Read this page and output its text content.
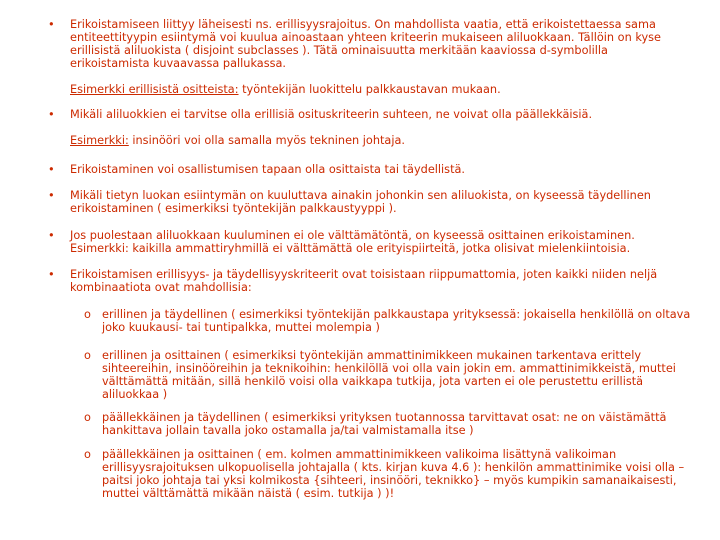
• Erikoistamiseen liittyy läheisesti ns. erillisyysrajoitus. On mahdollista vaatia, että erikoistettaessa sama entiteettityypin esiintymä voi kuulua ainoastaan yhteen kriteerin mukaiseen aliluokkaan. Tällöin on kyse erillisistä aliluokista ( disjoint subclasses ). Tätä ominaisuutta merkitään kaaviossa d-symbolilla erikoistamista kuvaavassa pallukassa.

Esimerkki erillisistä ositteista: työntekijän luokittelu palkkaustavan mukaan.

• Mikäli aliluokkien ei tarvitse olla erillisiä osituskriteerin suhteen, ne voivat olla päällekkäisiä.

Esimerkki: insinööri voi olla samalla myös tekninen johtaja.

• Erikoistaminen voi osallistumisen tapaan olla osittaista tai täydellistä.

• Mikäli tietyn luokan esiintymän on kuuluttava ainakin johonkin sen aliluokista, on kyseessä täydellinen erikoistaminen ( esimerkiksi työntekijän palkkaustyyppi ).

• Jos puolestaan aliluokkaan kuuluminen ei ole välttämätöntä, on kyseessä osittainen erikoistaminen. Esimerkki: kaikilla ammattiryhmillä ei välttämättä ole erityispiirteitä, jotka olisivat mielenkiintoisia.

• Erikoistamisen erillisyys- ja täydellisyyskriteerit ovat toisistaan riippumattomia, joten kaikki niiden neljä kombinaatiota ovat mahdollisia:

o erillinen ja täydellinen ( esimerkiksi työntekijän palkkaustapa yrityksessä: jokaisella henkilöllä on oltava joko kuukausi- tai tuntipalkka, muttei molempia )

o erillinen ja osittainen ( esimerkiksi työntekijän ammattinimikkeen mukainen tarkentava erittely sihteereihin, insinööreihin ja teknikoihin: henkilöllä voi olla vain jokin em. ammattinimikkeistä, muttei välttämättä mitään, sillä henkilö voisi olla vaikkapa tutkija, jota varten ei ole perustettu erillistä aliluokkaa )

o päällekkäinen ja täydellinen ( esimerkiksi yrityksen tuotannossa tarvittavat osat: ne on väistämättä hankittava jollain tavalla joko ostamalla ja/tai valmistamalla itse )

o päällekkäinen ja osittainen ( em. kolmen ammattinimikkeen valikoima lisättynä valikoiman erillisyysrajoituksen ulkopuolisella johtajalla ( kts. kirjan kuva 4.6 ): henkilön ammattinimike voisi olla – paitsi joko johtaja tai yksi kolmikosta {sihteeri, insinööri, teknikko} – myös kumpikin samanaikaisesti, muttei välttämättä mikään näistä ( esim. tutkija ) )!
